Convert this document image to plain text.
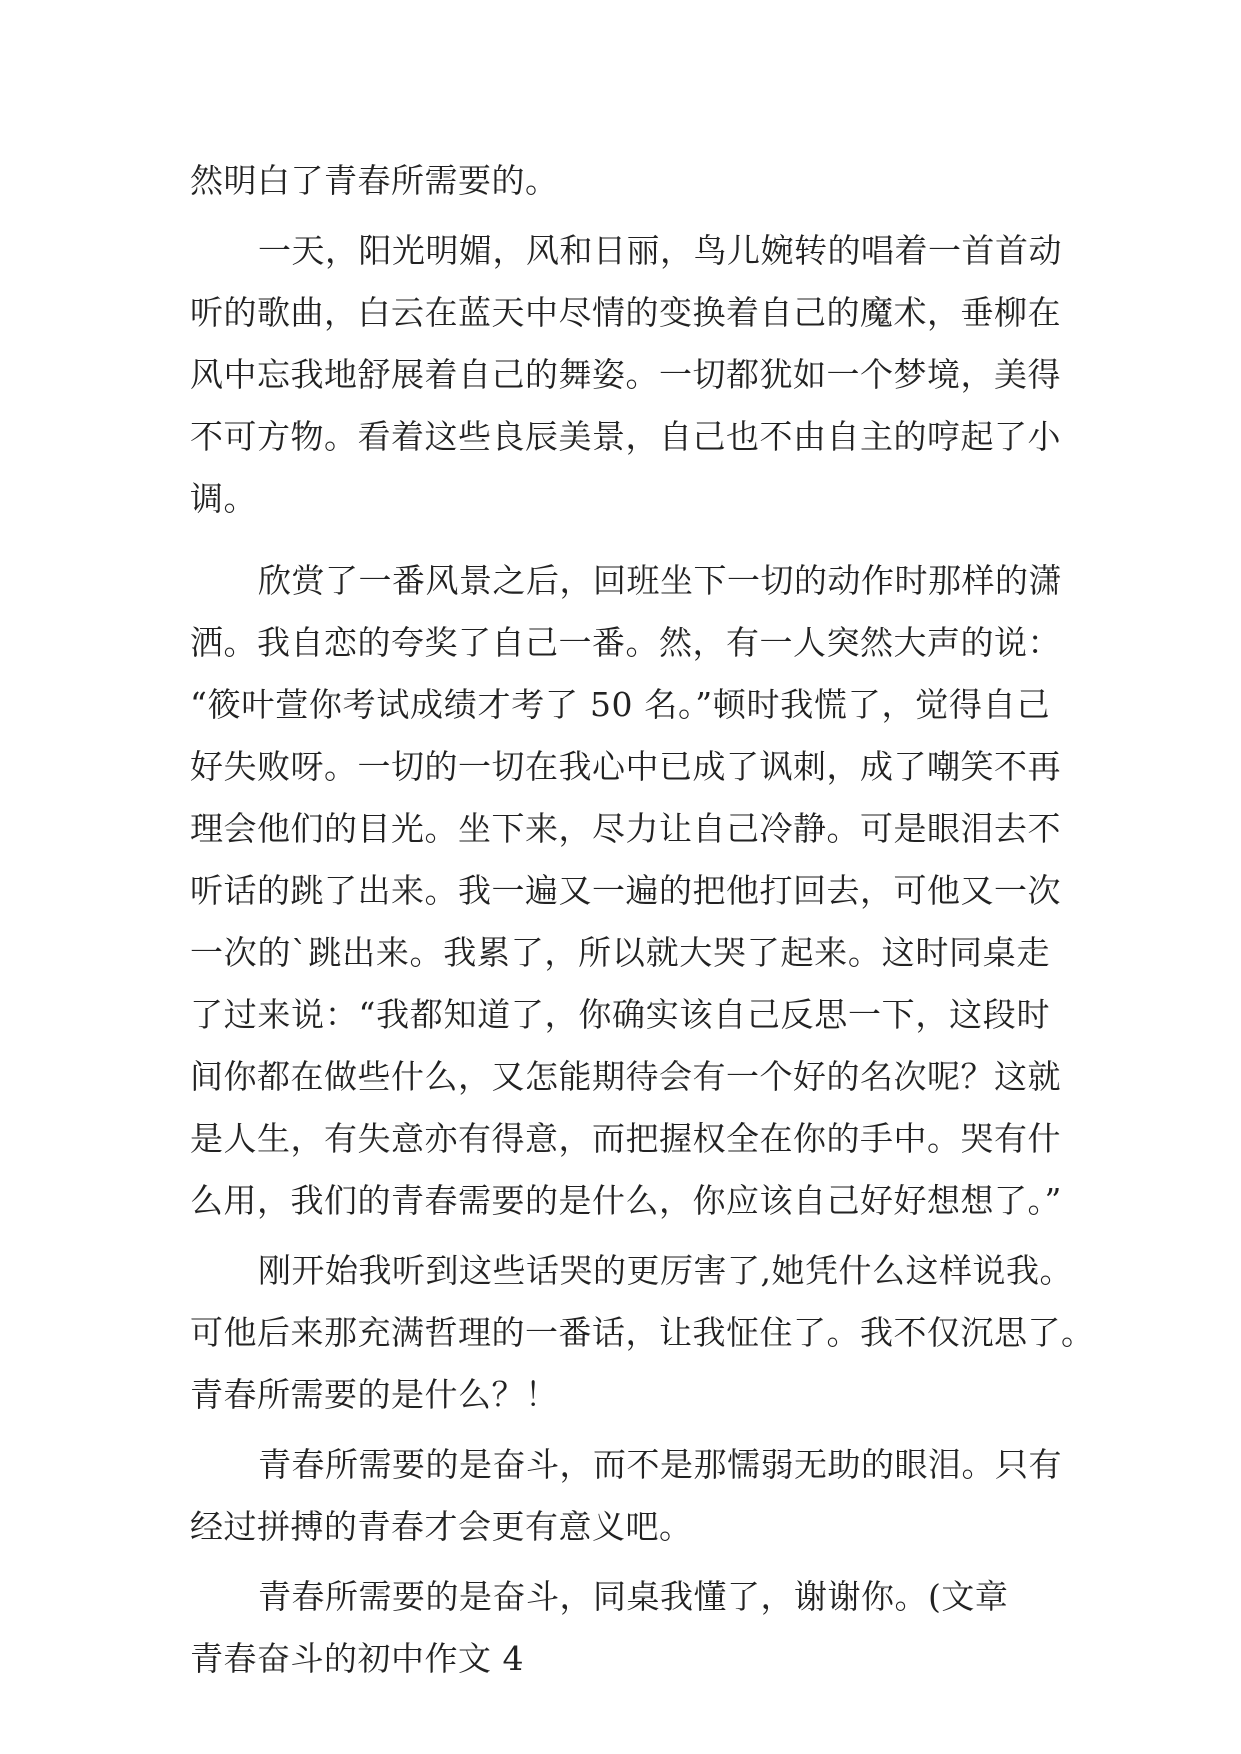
然明白了青春所需要的。
一天，阳光明媚，风和日丽，鸟儿婉转的唱着一首首动
听的歌曲，白云在蓝天中尽情的变换着自己的魔术，垂柳在
风中忘我地舒展着自己的舞姿。一切都犹如一个梦境，美得
不可方物。看着这些良辰美景，自己也不由自主的哼起了小
调。
欣赏了一番风景之后，回班坐下一切的动作时那样的潇
洒。我自恋的夸奖了自己一番。然，有一人突然大声的说：
“筱叶萱你考试成绩才考了 50 名。”顿时我慌了，觉得自己
好失败呀。一切的一切在我心中已成了讽刺，成了嘲笑不再
理会他们的目光。坐下来，尽力让自己冷静。可是眼泪去不
听话的跳了出来。我一遍又一遍的把他打回去，可他又一次
一次的`跳出来。我累了，所以就大哭了起来。这时同桌走
了过来说：“我都知道了，你确实该自己反思一下，这段时
间你都在做些什么，又怎能期待会有一个好的名次呢？这就
是人生，有失意亦有得意，而把握权全在你的手中。哭有什
么用，我们的青春需要的是什么，你应该自己好好想想了。”
刚开始我听到这些话哭的更厉害了,她凭什么这样说我。
可他后来那充满哲理的一番话，让我怔住了。我不仅沉思了。
青春所需要的是什么？！
青春所需要的是奋斗，而不是那懦弱无助的眼泪。只有
经过拼搏的青春才会更有意义吧。
青春所需要的是奋斗，同桌我懂了，谢谢你。(文章
青春奋斗的初中作文 4
